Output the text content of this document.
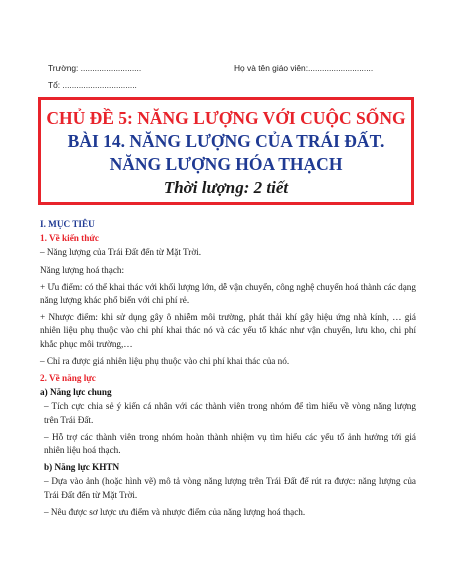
Trường: ..........................	Họ và tên giáo viên:............................
Tổ: ................................
CHỦ ĐỀ 5: NĂNG LƯỢNG VỚI CUỘC SỐNG
BÀI 14. NĂNG LƯỢNG CỦA TRÁI ĐẤT.
NĂNG LƯỢNG HÓA THẠCH
Thời lượng: 2 tiết

I. MỤC TIÊU

1. Về kiến thức

– Năng lượng của Trái Đất đến từ Mặt Trời.

Năng lượng hoá thạch:

+ Ưu điểm: có thể khai thác với khối lượng lớn, dễ vận chuyển, công nghệ chuyển hoá thành các dạng năng lượng khác phổ biến với chi phí rẻ.

+ Nhược điểm: khi sử dụng gây ô nhiễm môi trường, phát thải khí gây hiệu ứng nhà kính, … giá nhiên liệu phụ thuộc vào chi phí khai thác nó và các yếu tố khác như vận chuyển, lưu kho, chi phí khắc phục môi trường,…

– Chỉ ra được giá nhiên liệu phụ thuộc vào chi phí khai thác của nó.

2. Về năng lực

a) Năng lực chung

– Tích cực chia sẻ ý kiến cá nhân với các thành viên trong nhóm để tìm hiểu về vòng năng lượng trên Trái Đất.

– Hỗ trợ các thành viên trong nhóm hoàn thành nhiệm vụ tìm hiểu các yếu tố ảnh hưởng tới giá nhiên liệu hoá thạch.

b) Năng lực KHTN

– Dựa vào ảnh (hoặc hình vẽ) mô tả vòng năng lượng trên Trái Đất để rút ra được: năng lượng của Trái Đất đến từ Mặt Trời.

– Nêu được sơ lược ưu điểm và nhược điểm của năng lượng hoá thạch.
